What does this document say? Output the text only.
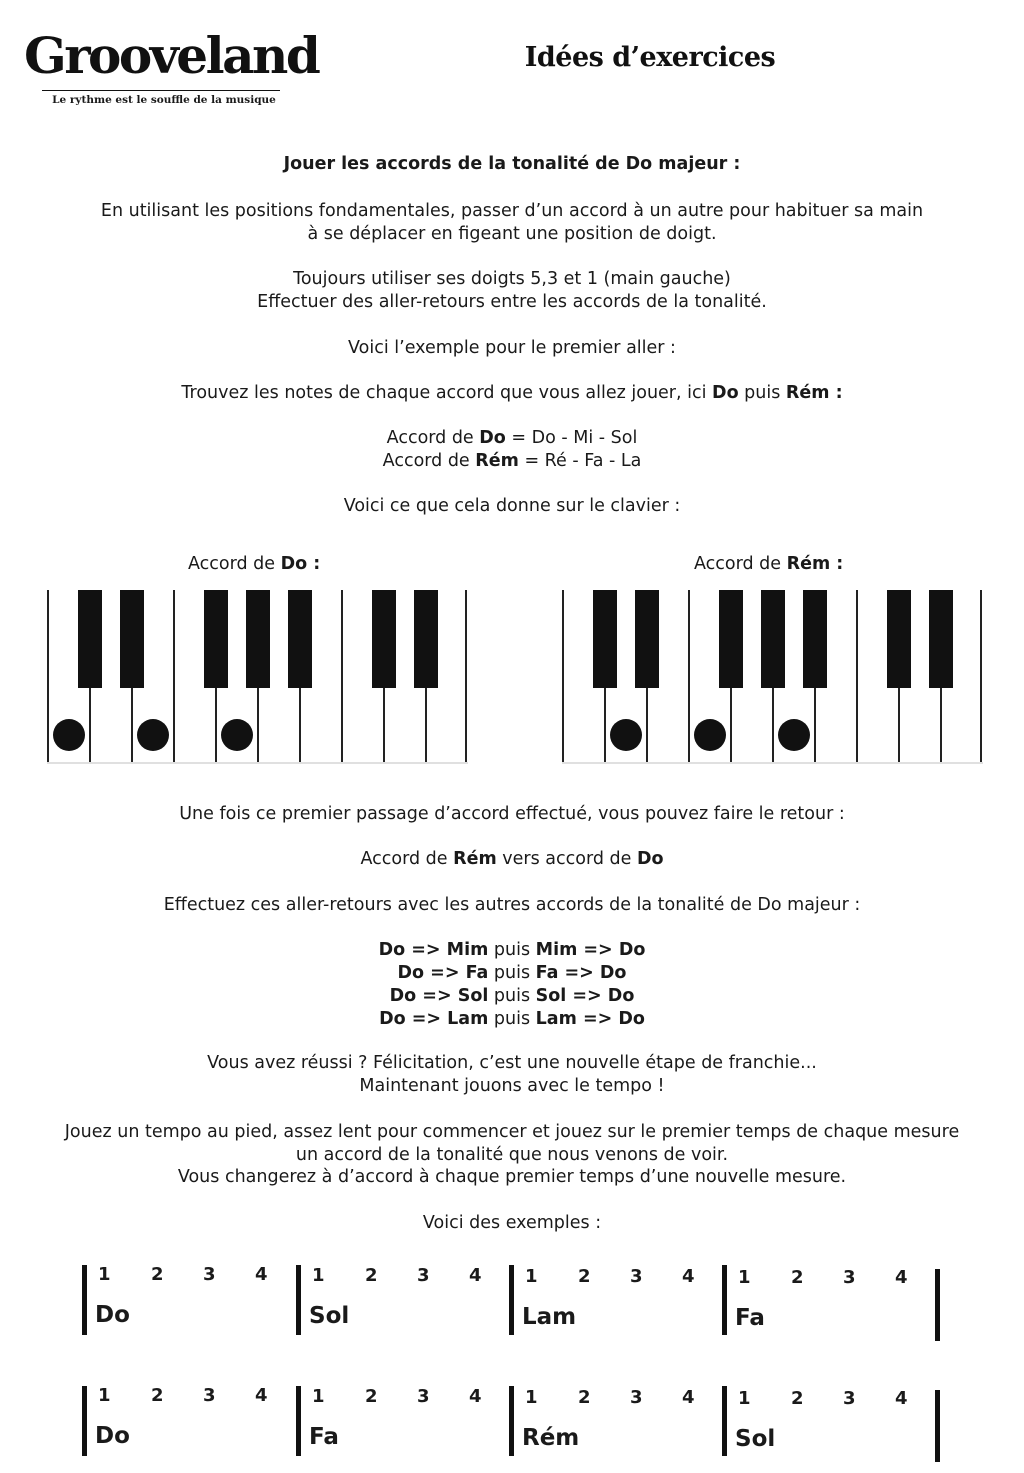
Grooveland
Le rythme est le souffle de la musique
Idées d’exercices
Jouer les accords de la tonalité de Do majeur :
En utilisant les positions fondamentales, passer d’un accord à un autre pour habituer sa main
à se déplacer en figeant une position de doigt.
Toujours utiliser ses doigts 5,3 et 1 (main gauche)
Effectuer des aller-retours entre les accords de la tonalité.
Voici l’exemple pour le premier aller :
Trouvez les notes de chaque accord que vous allez jouer, ici Do puis Rém :
Accord de Do = Do - Mi - Sol
Accord de Rém = Ré - Fa - La
Voici ce que cela donne sur le clavier :
Accord de Do :	Accord de Rém :
Une fois ce premier passage d’accord effectué, vous pouvez faire le retour :
Accord de Rém vers accord de Do
Effectuez ces aller-retours avec les autres accords de la tonalité de Do majeur :
Do => Mim puis Mim => Do
Do => Fa puis Fa => Do
Do => Sol puis Sol => Do
Do => Lam puis Lam => Do
Vous avez réussi ? Félicitation, c’est une nouvelle étape de franchie...
Maintenant jouons avec le tempo !
Jouez un tempo au pied, assez lent pour commencer et jouez sur le premier temps de chaque mesure
un accord de la tonalité que nous venons de voir.
Vous changerez à d’accord à chaque premier temps d’une nouvelle mesure.
Voici des exemples :
1 2 3 4
Do
1 2 3 4
Sol
1 2 3 4
Lam
1 2 3 4
Fa
1 2 3 4
Do
1 2 3 4
Fa
1 2 3 4
Rém
1 2 3 4
Sol
